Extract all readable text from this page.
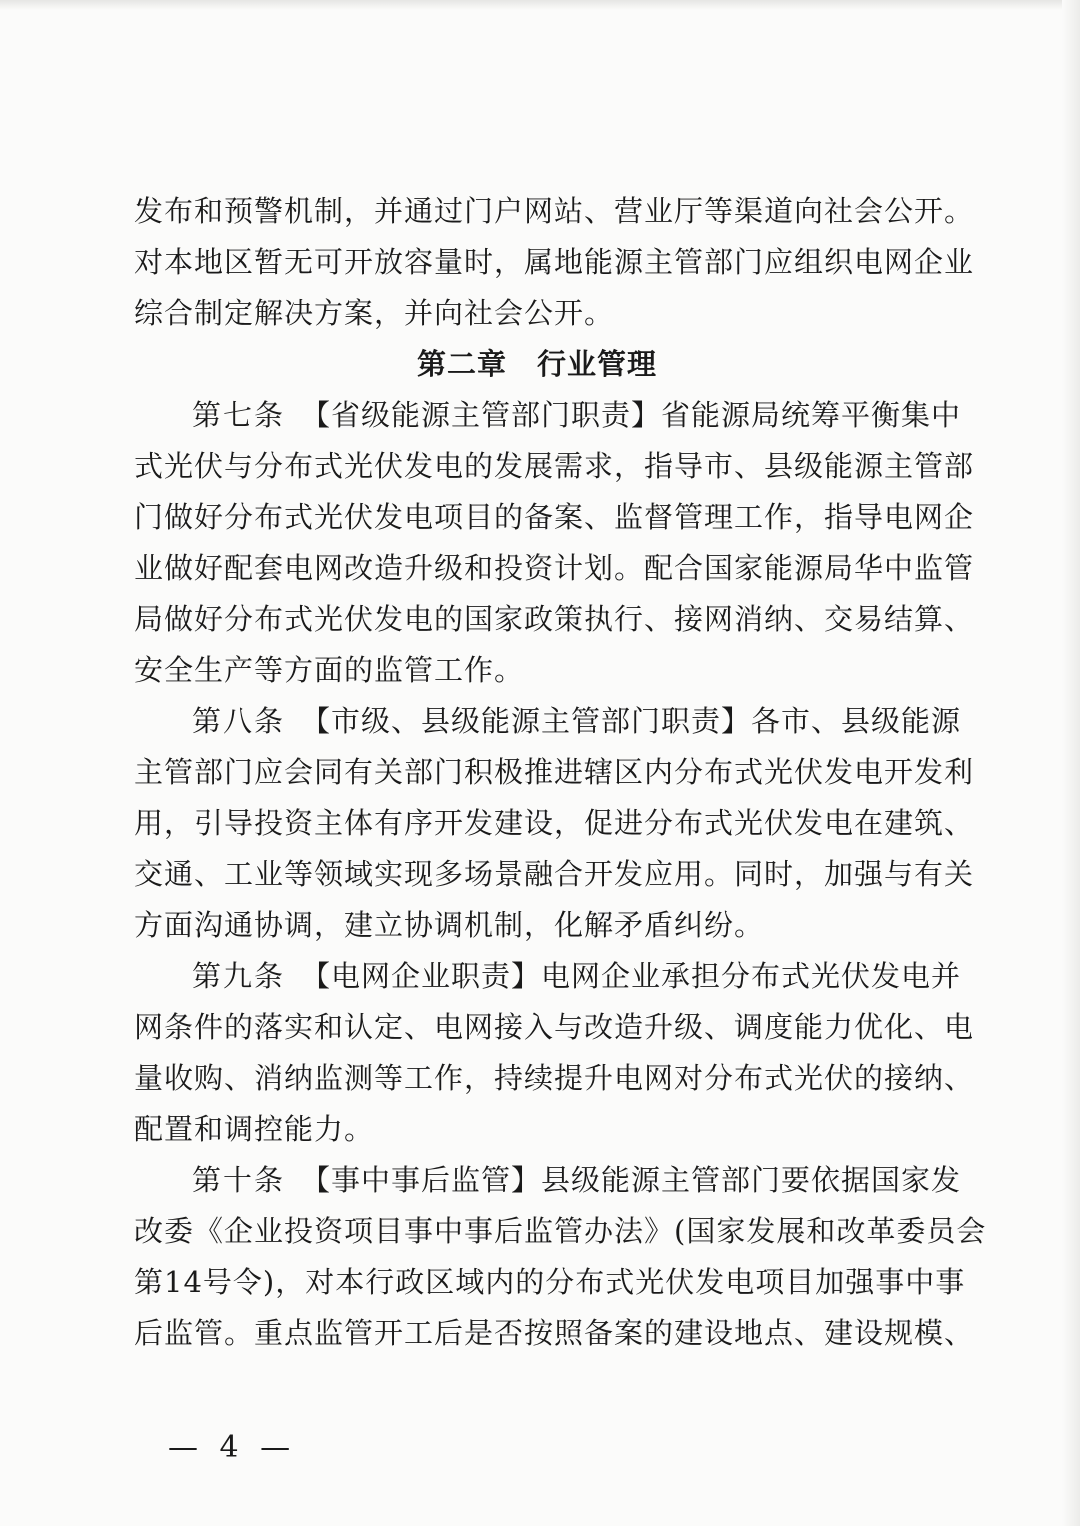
发布和预警机制，并通过门户网站、营业厅等渠道向社会公开。
对本地区暂无可开放容量时，属地能源主管部门应组织电网企业
综合制定解决方案，并向社会公开。
第二章 行业管理
第七条 【省级能源主管部门职责】省能源局统筹平衡集中
式光伏与分布式光伏发电的发展需求，指导市、县级能源主管部
门做好分布式光伏发电项目的备案、监督管理工作，指导电网企
业做好配套电网改造升级和投资计划。配合国家能源局华中监管
局做好分布式光伏发电的国家政策执行、接网消纳、交易结算、
安全生产等方面的监管工作。
第八条 【市级、县级能源主管部门职责】各市、县级能源
主管部门应会同有关部门积极推进辖区内分布式光伏发电开发利
用，引导投资主体有序开发建设，促进分布式光伏发电在建筑、
交通、工业等领域实现多场景融合开发应用。同时，加强与有关
方面沟通协调，建立协调机制，化解矛盾纠纷。
第九条 【电网企业职责】电网企业承担分布式光伏发电并
网条件的落实和认定、电网接入与改造升级、调度能力优化、电
量收购、消纳监测等工作，持续提升电网对分布式光伏的接纳、
配置和调控能力。
第十条 【事中事后监管】县级能源主管部门要依据国家发
改委《企业投资项目事中事后监管办法》(国家发展和改革委员会
第14号令)，对本行政区域内的分布式光伏发电项目加强事中事
后监管。重点监管开工后是否按照备案的建设地点、建设规模、
— 4 —
